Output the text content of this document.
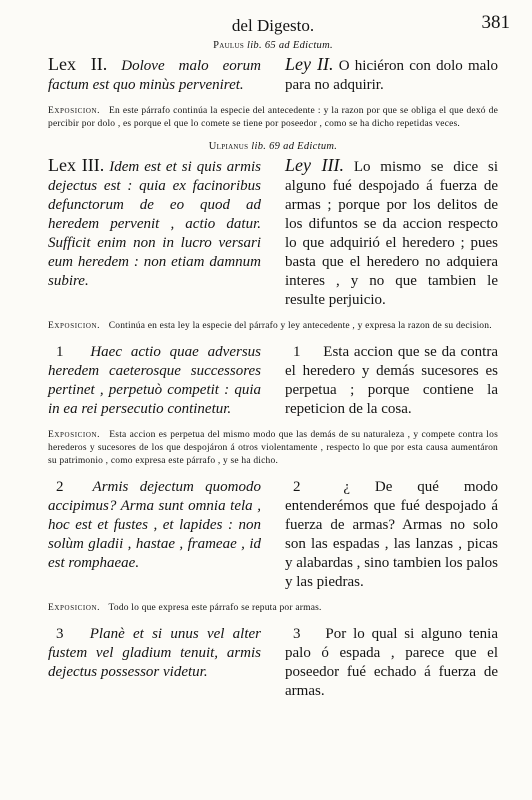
del Digesto.	381
Paulus lib. 65 ad Edictum.
Lex II. Dolove malo eorum factum est quo minùs perveniret.
Ley II. O hiciéron con dolo malo para no adquirir.
Exposicion. En este párrafo continúa la especie del antecedente : y la razon por que se obliga el que dexó de percibir por dolo , es porque el que lo comete se tiene por poseedor , como se ha dicho repetidas veces.
Ulpianus lib. 69 ad Edictum.
Lex III. Idem est et si quis armis dejectus est : quia ex facinoribus defunctorum de eo quod ad heredem pervenit , actio datur. Sufficit enim non in lucro versari eum heredem : non etiam damnum subire.
Ley III. Lo mismo se dice si alguno fué despojado á fuerza de armas ; porque por los delitos de los difuntos se da accion respecto lo que adquirió el heredero ; pues basta que el heredero no adquiera interes , y no que tambien le resulte perjuicio.
Exposicion. Continúa en esta ley la especie del párrafo y ley antecedente , y expresa la razon de su decision.
1 Haec actio quae adversus heredem caeterosque successores pertinet , perpetuò competit : quia in ea rei persecutio continetur.
1 Esta accion que se da contra el heredero y demás sucesores es perpetua ; porque contiene la repeticion de la cosa.
Exposicion. Esta accion es perpetua del mismo modo que las demás de su naturaleza , y compete contra los herederos y sucesores de los que despojáron á otros violentamente , respecto lo que por esta causa aumentáron su patrimonio , como expresa este párrafo , y se ha dicho.
2 Armis dejectum quomodo accipimus? Arma sunt omnia tela , hoc est et fustes , et lapides : non solùm gladii , hastae , frameae , id est romphaeae.
2	¿ De qué modo entenderémos que fué despojado á fuerza de armas? Armas no solo son las espadas , las lanzas , picas y alabardas , sino tambien los palos y las piedras.
Exposicion. Todo lo que expresa este párrafo se reputa por armas.
3 Planè et si unus vel alter fustem vel gladium tenuit, armis dejectus possessor videtur.
3 Por lo qual si alguno tenia palo ó espada , parece que el poseedor fué echado á fuerza de armas.
